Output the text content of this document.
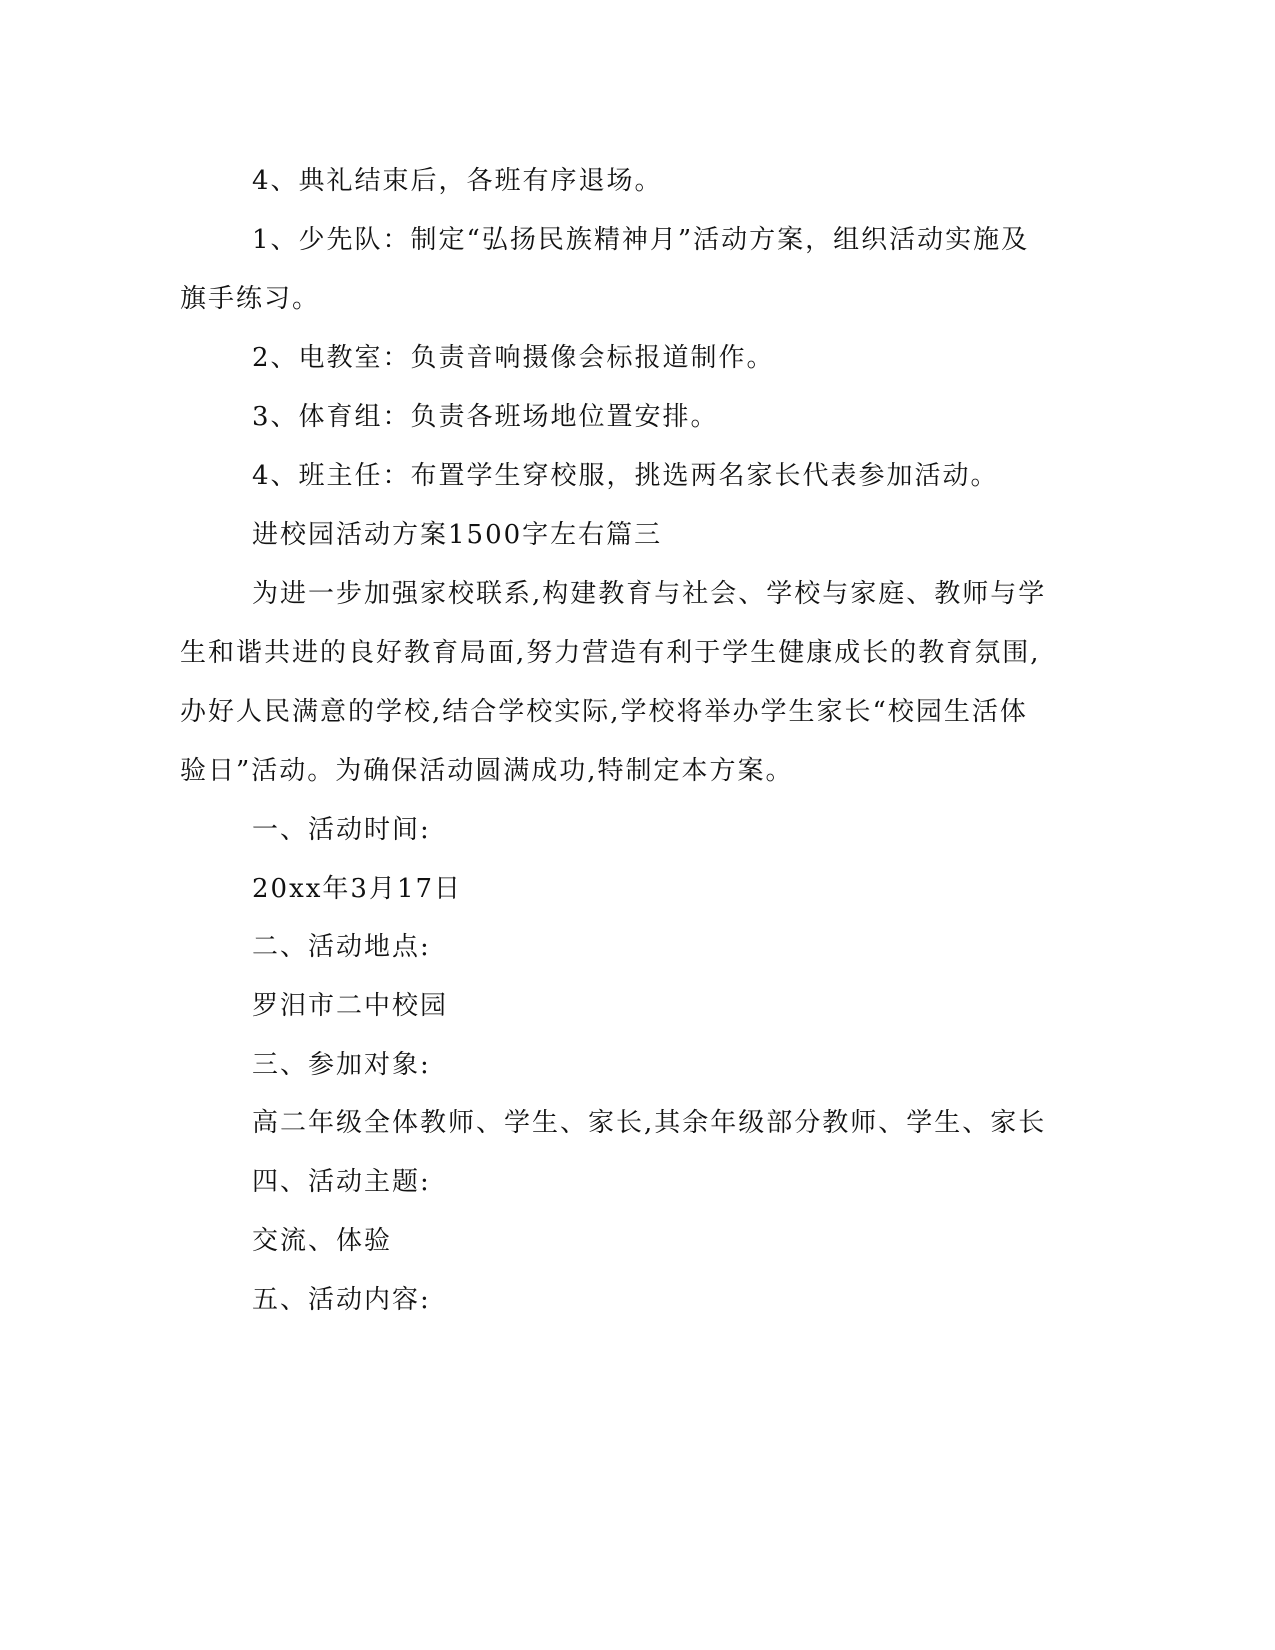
4、典礼结束后，各班有序退场。
1、少先队：制定“弘扬民族精神月”活动方案，组织活动实施及
旗手练习。
2、电教室：负责音响摄像会标报道制作。
3、体育组：负责各班场地位置安排。
4、班主任：布置学生穿校服，挑选两名家长代表参加活动。
进校园活动方案1500字左右篇三
为进一步加强家校联系,构建教育与社会、学校与家庭、教师与学
生和谐共进的良好教育局面,努力营造有利于学生健康成长的教育氛围,
办好人民满意的学校,结合学校实际,学校将举办学生家长“校园生活体
验日”活动。为确保活动圆满成功,特制定本方案。
一、活动时间:
20xx年3月17日
二、活动地点:
罗汨市二中校园
三、参加对象:
高二年级全体教师、学生、家长,其余年级部分教师、学生、家长
四、活动主题:
交流、体验
五、活动内容:
